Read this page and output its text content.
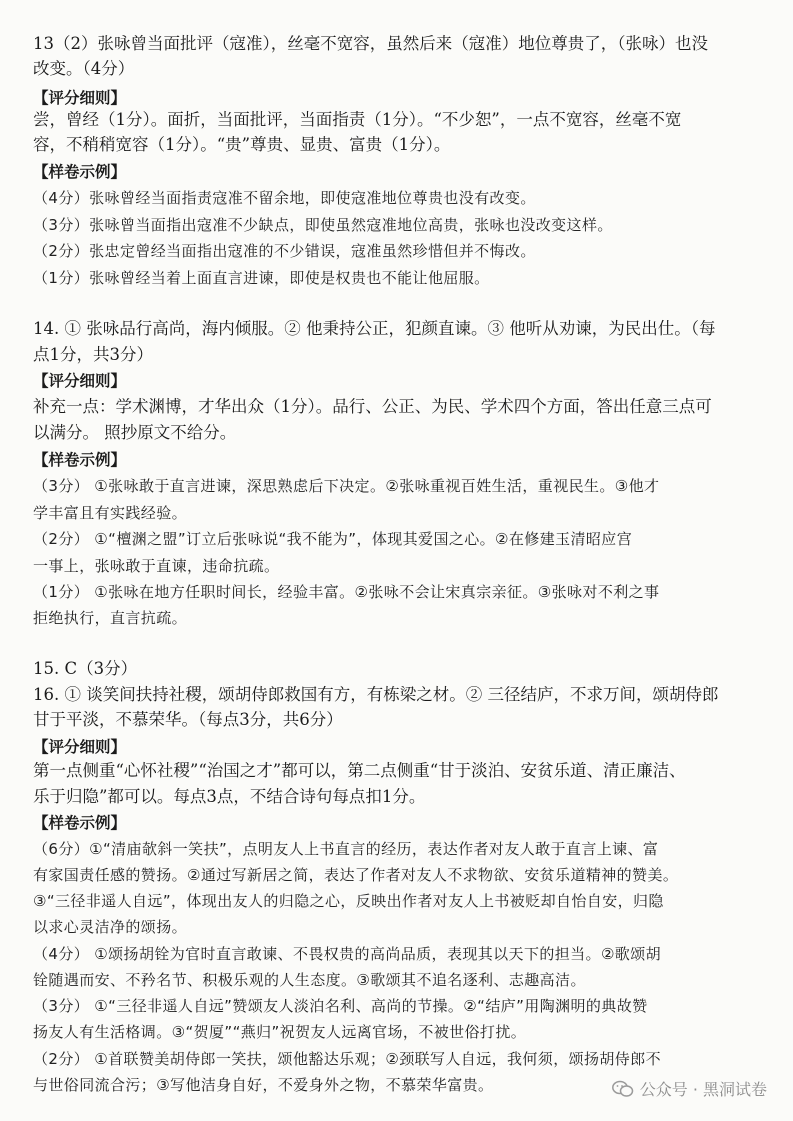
13（2）张咏曾当面批评（寇准），丝毫不宽容，虽然后来（寇准）地位尊贵了，（张咏）也没
改变。（4分）
【评分细则】
尝，曾经（1分）。面折，当面批评，当面指责（1分）。“不少恕”，一点不宽容，丝毫不宽
容，不稍稍宽容（1分）。“贵”尊贵、显贵、富贵（1分）。
【样卷示例】
（4分）张咏曾经当面指责寇准不留余地，即使寇准地位尊贵也没有改变。
（3分）张咏曾当面指出寇准不少缺点，即使虽然寇准地位高贵，张咏也没改变这样。
（2分）张忠定曾经当面指出寇准的不少错误，寇准虽然珍惜但并不悔改。
（1分）张咏曾经当着上面直言进谏，即使是权贵也不能让他屈服。
14. ① 张咏品行高尚，海内倾服。② 他秉持公正，犯颜直谏。③ 他听从劝谏，为民出仕。（每
点1分，共3分）
【评分细则】
补充一点：学术渊博，才华出众（1分）。品行、公正、为民、学术四个方面，答出任意三点可
以满分。 照抄原文不给分。
【样卷示例】
（3分） ①张咏敢于直言进谏，深思熟虑后下决定。②张咏重视百姓生活，重视民生。③他才
学丰富且有实践经验。
（2分） ①“檀渊之盟”订立后张咏说“我不能为”，体现其爱国之心。②在修建玉清昭应宫
一事上，张咏敢于直谏，违命抗疏。
（1分） ①张咏在地方任职时间长，经验丰富。②张咏不会让宋真宗亲征。③张咏对不利之事
拒绝执行，直言抗疏。
15. C（3分）
16. ① 谈笑间扶持社稷，颂胡侍郎救国有方，有栋梁之材。② 三径结庐，不求万间，颂胡侍郎
甘于平淡，不慕荣华。（每点3分，共6分）
【评分细则】
第一点侧重“心怀社稷”“治国之才”都可以，第二点侧重“甘于淡泊、安贫乐道、清正廉洁、
乐于归隐”都可以。每点3点，不结合诗句每点扣1分。
【样卷示例】
（6分）①“清庙欹斜一笑扶”，点明友人上书直言的经历，表达作者对友人敢于直言上谏、富
有家国责任感的赞扬。②通过写新居之简，表达了作者对友人不求物欲、安贫乐道精神的赞美。
③“三径非遥人自远”，体现出友人的归隐之心，反映出作者对友人上书被贬却自怡自安，归隐
以求心灵洁净的颂扬。
（4分） ①颂扬胡铨为官时直言敢谏、不畏权贵的高尚品质，表现其以天下的担当。②歌颂胡
铨随遇而安、不矜名节、积极乐观的人生态度。③歌颂其不追名逐利、志趣高洁。
（3分） ①“三径非遥人自远”赞颂友人淡泊名利、高尚的节操。②“结庐”用陶渊明的典故赞
扬友人有生活格调。③“贺厦”“燕归”祝贺友人远离官场，不被世俗打扰。
（2分） ①首联赞美胡侍郎一笑扶，颂他豁达乐观；②颈联写人自远，我何须，颂扬胡侍郎不
与世俗同流合污；③写他洁身自好，不爱身外之物，不慕荣华富贵。	公众号 · 黑洞试卷
